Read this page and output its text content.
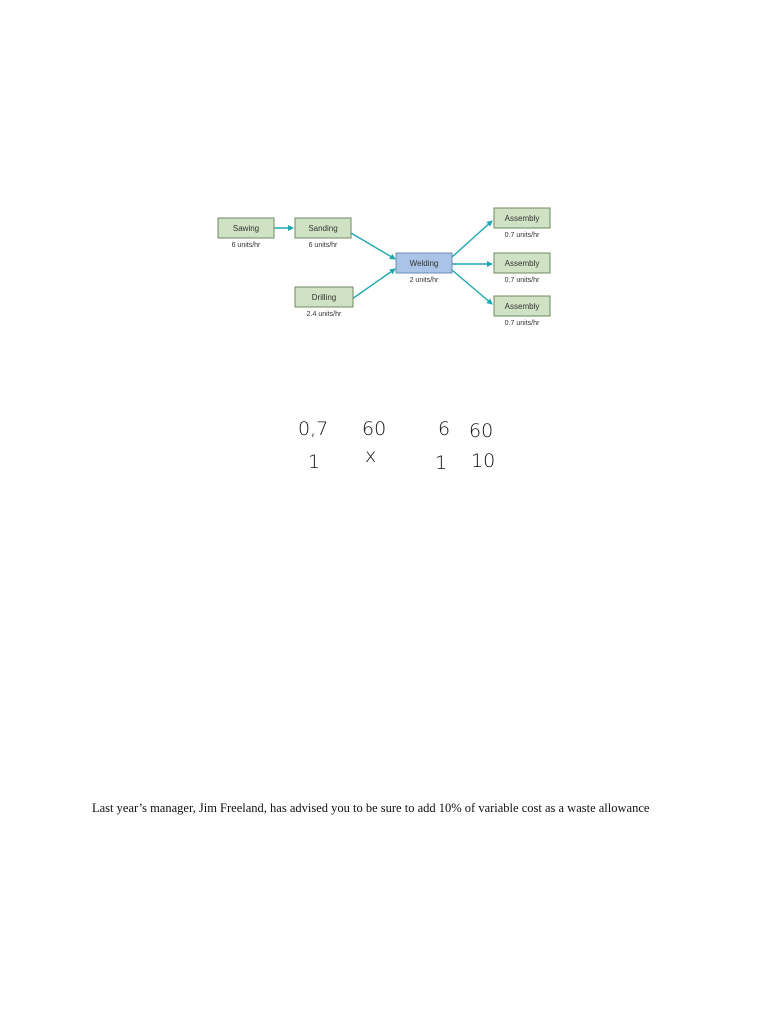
Sawing
6 units/hr
Sanding
6 units/hr
Drilling
2.4 units/hr
Welding
2 units/hr
Assembly
0.7 units/hr
Assembly
0.7 units/hr
Assembly
0.7 units/hr
0,7 60	6 60
1 x	1 10
Last year’s manager, Jim Freeland, has advised you to be sure to add 10% of variable cost as a waste allowance
